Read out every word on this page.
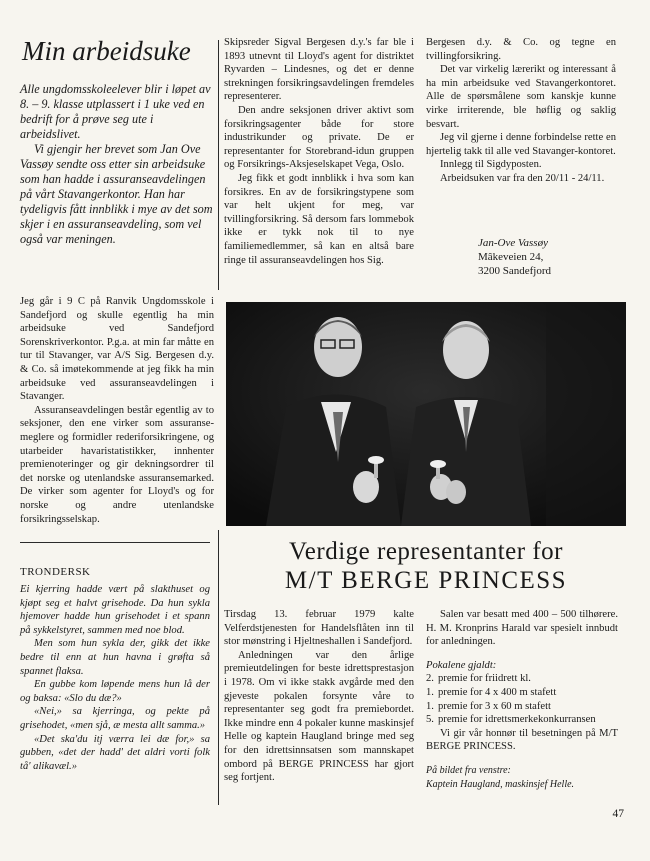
Min arbeidsuke

Alle ungdomsskoleelever blir i løpet av 8. – 9. klasse utplassert i 1 uke ved en bedrift for å prøve seg ute i arbeidslivet.

Vi gjengir her brevet som Jan Ove Vassøy sendte oss etter sin arbeidsuke som han hadde i assuranseavdelingen på vårt Stavangerkontor. Han har tydeligvis fått innblikk i mye av det som skjer i en assuranseavdeling, som vel også var meningen.

Jeg går i 9 C på Ranvik Ungdomsskole i Sandefjord og skulle egentlig ha min arbeidsuke ved Sandefjord Sorenskriverkontor. P.g.a. at min far måtte en tur til Stavanger, var A/S Sig. Bergesen d.y. & Co. så imøtekommende at jeg fikk ha min arbeidsuke ved assuranseavdelingen i Stavanger.

Assuranseavdelingen består egentlig av to seksjoner, den ene virker som assuransemeglere og formidler rederiforsikringene, og utarbeider havaristatistikker, innhenter premienoteringer og gir dekningsordrer til det norske og utenlandske assuransemarked. De virker som agenter for Lloyd's og for norske og andre utenlandske forsikringsselskap.

Skipsreder Sigval Bergesen d.y.'s far ble i 1893 utnevnt til Lloyd's agent for distriktet Ryvarden – Lindesnes, og det er denne strekningen forsikringsavdelingen fremdeles representerer.

Den andre seksjonen driver aktivt som forsikringsagenter både for store industrikunder og private. De er representanter for Storebrand-idun gruppen og Forsikrings-Aksjeselskapet Vega, Oslo.

Jeg fikk et godt innblikk i hva som kan forsikres. En av de forsikringstypene som var helt ukjent for meg, var tvillingforsikring. Så dersom fars lommebok ikke er tykk nok til to nye familiemedlemmer, så kan en altså bare ringe til assuranseavdelingen hos Sig.

Bergesen d.y. & Co. og tegne en tvillingforsikring.

Det var virkelig lærerikt og interessant å ha min arbeidsuke ved Stavangerkontoret. Alle de spørsmålene som kanskje kunne virke irriterende, ble høflig og saklig besvart.

Jeg vil gjerne i denne forbindelse rette en hjertelig takk til alle ved Stavanger-kontoret.

Innlegg til Sigdyposten.

Arbeidsuken var fra den 20/11 - 24/11.

Jan-Ove Vassøy

Mâkeveien 24,

3200 Sandefjord

TRONDERSK

Ei kjerring hadde vært på slakthuset og kjøpt seg et halvt grisehode. Da hun sykla hjemover hadde hun grisehodet i et spann på sykkelstyret, sammen med noe blod.

Men som hun sykla der, gikk det ikke bedre til enn at hun havna i grøfta så spannet flaksa.

En gubbe kom løpende mens hun lå der og baksa: «Slo du dæ?»

«Nei,» sa kjerringa, og pekte på grisehodet, «men sjå, æ mesta allt samma.»

«Det ska'du itj værra lei dæ for,» sa gubben, «det der hadd' det aldri vorti folk tå' alikavæl.»

Verdige representanter for
M/T BERGE PRINCESS

Tirsdag 13. februar 1979 kalte Velferdstjenesten for Handelsflåten inn til stor mønstring i Hjeltneshallen i Sandefjord.

Anledningen var den årlige premieutdelingen for beste idrettsprestasjon i 1978. Om vi ikke stakk avgårde med den gjeveste pokalen forsynte våre to representanter seg godt fra premiebordet. Ikke mindre enn 4 pokaler kunne maskinsjef Helle og kaptein Haugland bringe med seg for den idrettsinnsatsen som mannskapet ombord på BERGE PRINCESS har gjort seg fortjent.

Salen var besatt med 400 – 500 tilhørere. H. M. Kronprins Harald var spesielt innbudt for anledningen.

Pokalene gjaldt:

2. premie for friidrett kl.
1. premie for 4 x 400 m stafett
1. premie for 3 x 60 m stafett
5. premie for idrettsmerkekonkurransen

Vi gir vår honnør til besetningen på M/T BERGE PRINCESS.

På bildet fra venstre:

Kaptein Haugland, maskinsjef Helle.

47
